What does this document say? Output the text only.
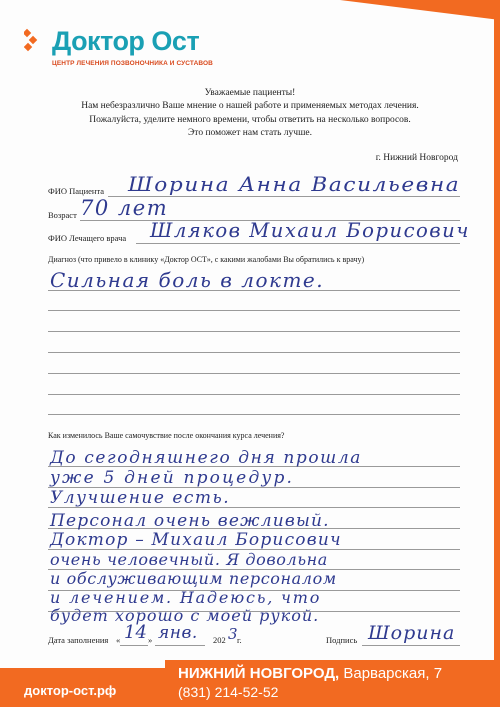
Доктор Ост
ЦЕНТР ЛЕЧЕНИЯ ПОЗВОНОЧНИКА И СУСТАВОВ
Уважаемые пациенты!
Нам небезразлично Ваше мнение о нашей работе и применяемых методах лечения.
Пожалуйста, уделите немного времени, чтобы ответить на несколько вопросов.
Это поможет нам стать лучше.
г. Нижний Новгород
ФИО Пациента Шорина Анна Васильевна
Возраст 70 лет
ФИО Лечащего врача Шляков Михаил Борисович
Диагноз (что привело в клинику «Доктор ОСТ», с какими жалобами Вы обратились к врачу)
Сильная боль в локте.
Как изменилось Ваше самочувствие после окончания курса лечения?
До сегодняшнего дня прошла
уже 5 дней процедур.
Улучшение есть.
Персонал очень вежливый.
Доктор – Михаил Борисович
очень человечный. Я довольна
и обслуживающим персоналом
и лечением. Надеюсь, что
будет хорошо с моей рукой.
Дата заполнения « 14 » янв. 202 3 г.	Подпись Шорина
доктор-ост.рф
НИЖНИЙ НОВГОРОД, Варварская, 7
(831) 214-52-52
